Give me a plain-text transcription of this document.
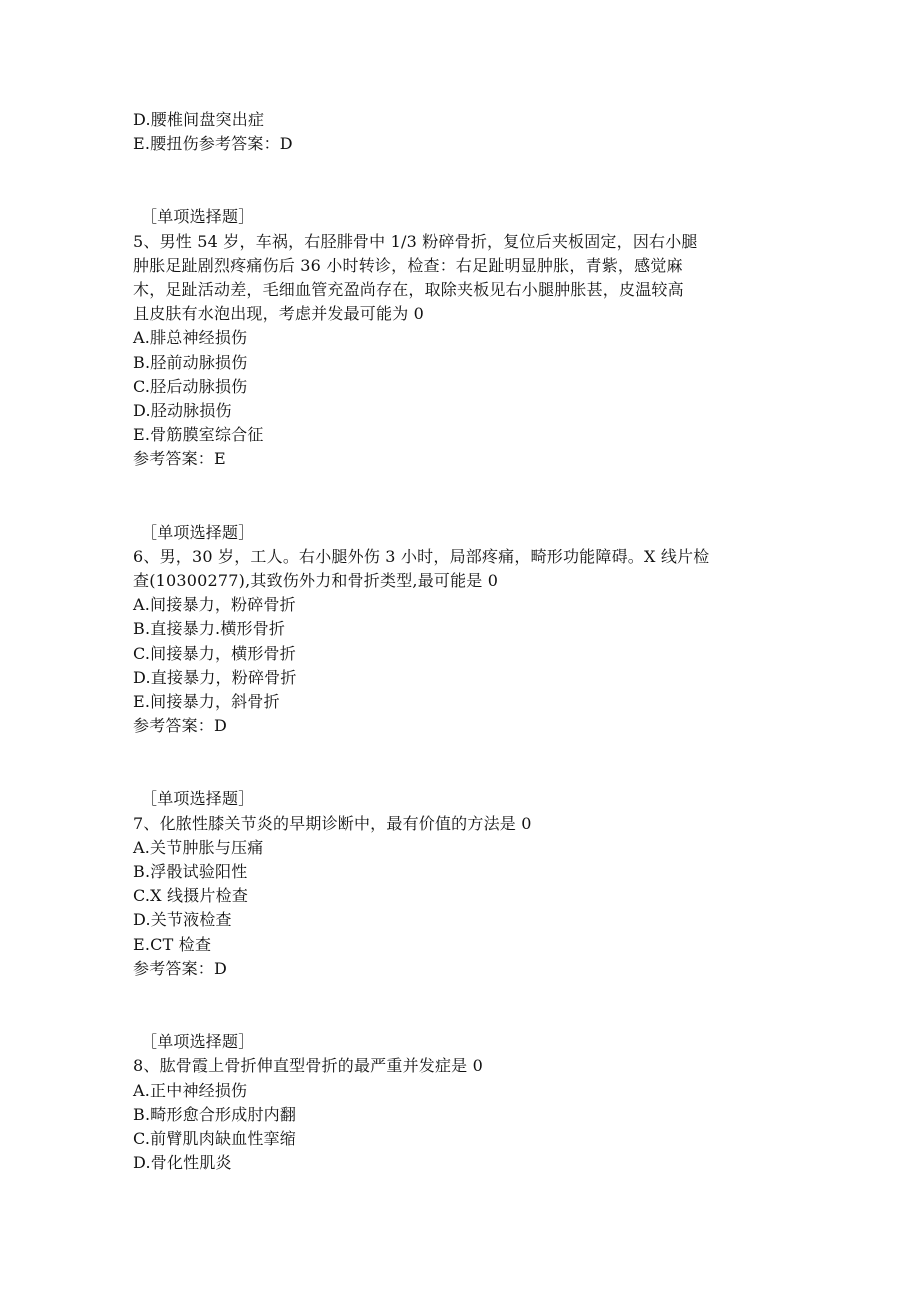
D.腰椎间盘突出症
E.腰扭伤参考答案：D
［单项选择题］
5、男性 54 岁，车祸，右胫腓骨中 1/3 粉碎骨折，复位后夹板固定，因右小腿
肿胀足趾剧烈疼痛伤后 36 小时转诊，检查：右足趾明显肿胀，青紫，感觉麻
木，足趾活动差，毛细血管充盈尚存在，取除夹板见右小腿肿胀甚，皮温较高
且皮肤有水泡出现，考虑并发最可能为 0
A.腓总神经损伤
B.胫前动脉损伤
C.胫后动脉损伤
D.胫动脉损伤
E.骨筋膜室综合征
参考答案：E
［单项选择题］
6、男，30 岁，工人。右小腿外伤 3 小时，局部疼痛，畸形功能障碍。X 线片检
查(10300277),其致伤外力和骨折类型,最可能是 0
A.间接暴力，粉碎骨折
B.直接暴力.横形骨折
C.间接暴力，横形骨折
D.直接暴力，粉碎骨折
E.间接暴力，斜骨折
参考答案：D
［单项选择题］
7、化脓性膝关节炎的早期诊断中，最有价值的方法是 0
A.关节肿胀与压痛
B.浮骰试验阳性
C.X 线摄片检查
D.关节液检查
E.CT 检查
参考答案：D
［单项选择题］
8、肱骨霞上骨折伸直型骨折的最严重并发症是 0
A.正中神经损伤
B.畸形愈合形成肘内翻
C.前臂肌肉缺血性挛缩
D.骨化性肌炎
